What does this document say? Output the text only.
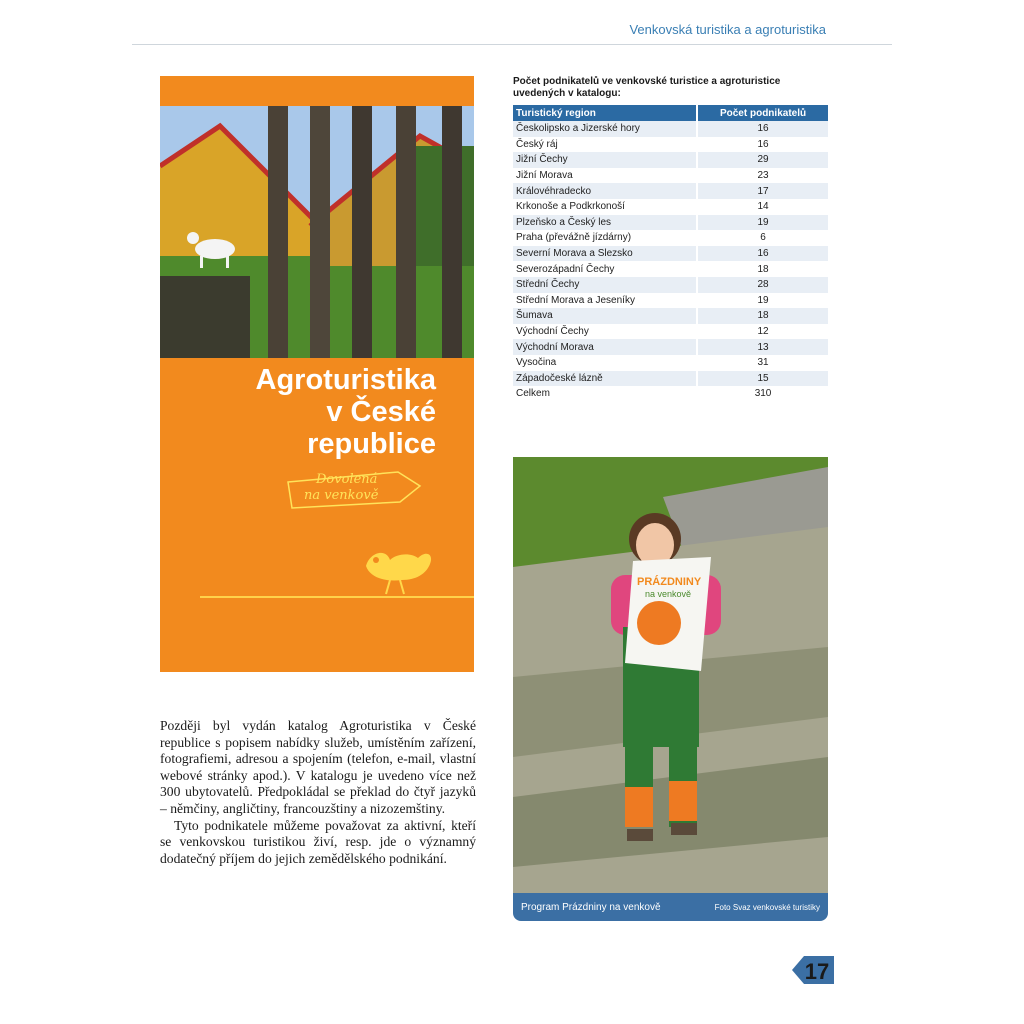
Venkovská turistika a agroturistika
Agroturistika
v České
republice
Dovolená
na venkově
Počet podnikatelů ve venkovské turistice a agroturistice uvedených v katalogu:
Turistický region	Počet podnikatelů
Českolipsko a Jizerské hory	16
Český ráj	16
Jižní Čechy	29
Jižní Morava	23
Královéhradecko	17
Krkonoše a Podkrkonoší	14
Plzeňsko a Český les	19
Praha (převážně jízdárny)	6
Severní Morava a Slezsko	16
Severozápadní Čechy	18
Střední Čechy	28
Střední Morava a Jeseníky	19
Šumava	18
Východní Čechy	12
Východní Morava	13
Vysočina	31
Západočeské lázně	15
Celkem	310
PRÁZDNINY
na venkově
Program Prázdniny na venkově	Foto Svaz venkovské turistiky

Později byl vydán katalog Agroturistika v České republice s popisem nabídky služeb, umístěním zařízení, fotografiemi, adresou a spojením (telefon, e-mail, vlastní webové stránky apod.). V katalogu je uvedeno více než 300 ubytovatelů. Předpokládal se překlad do čtyř jazyků – němčiny, angličtiny, francouzštiny a nizozemštiny.

Tyto podnikatele můžeme považovat za aktivní, kteří se venkovskou turistikou živí, resp. jde o významný dodatečný příjem do jejich zemědělského podnikání.

17
